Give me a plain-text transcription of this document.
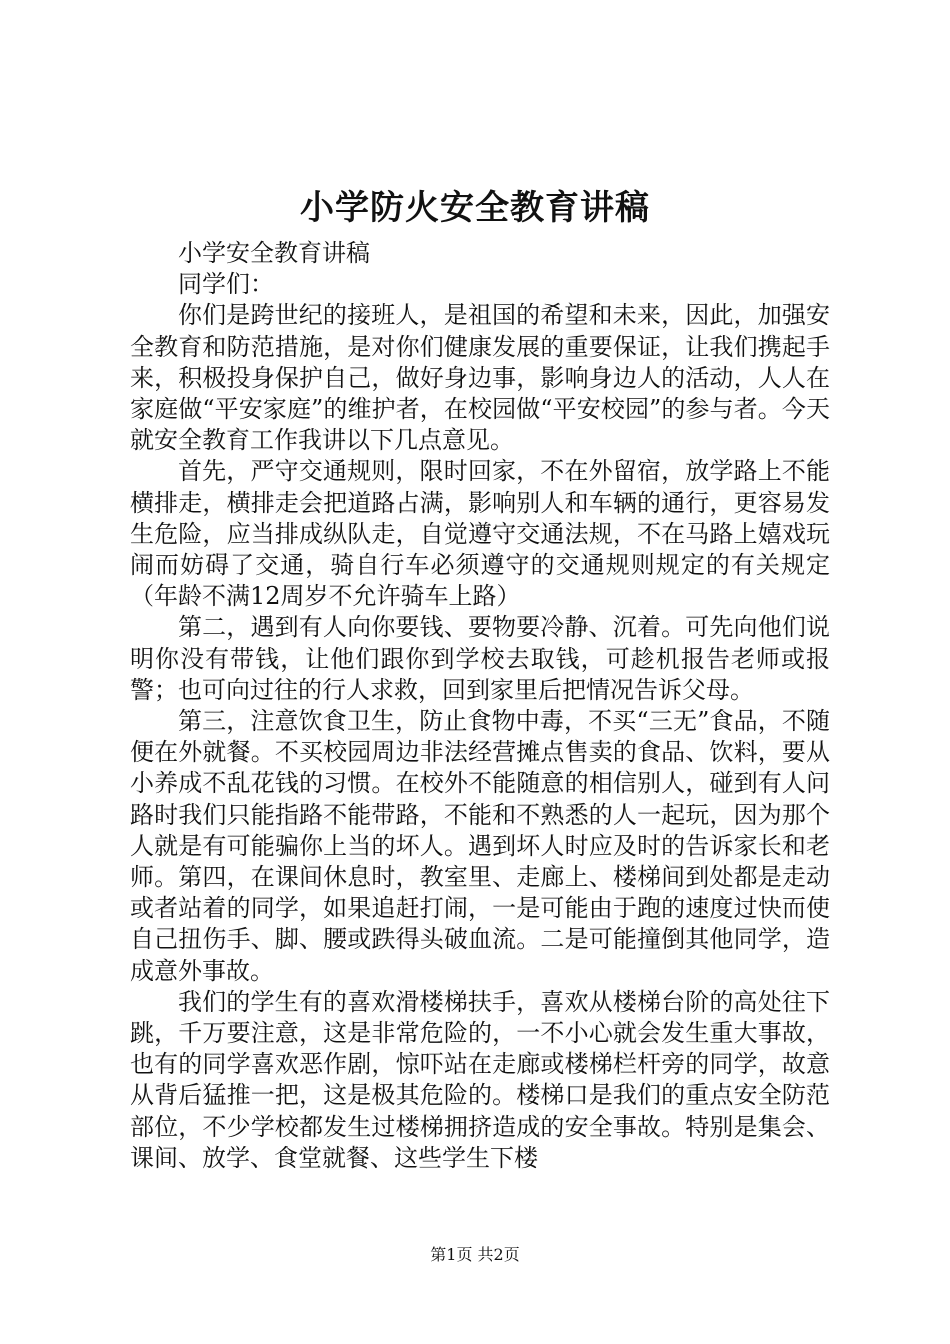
小学防火安全教育讲稿

小学安全教育讲稿

同学们：

你们是跨世纪的接班人，是祖国的希望和未来，因此，加强安全教育和防范措施，是对你们健康发展的重要保证，让我们携起手来，积极投身保护自己，做好身边事，影响身边人的活动，人人在家庭做“平安家庭”的维护者，在校园做“平安校园”的参与者。今天就安全教育工作我讲以下几点意见。

首先，严守交通规则，限时回家，不在外留宿，放学路上不能横排走，横排走会把道路占满，影响别人和车辆的通行，更容易发生危险，应当排成纵队走，自觉遵守交通法规，不在马路上嬉戏玩闹而妨碍了交通，骑自行车必须遵守的交通规则规定的有关规定（年龄不满12周岁不允许骑车上路）

第二，遇到有人向你要钱、要物要冷静、沉着。可先向他们说明你没有带钱，让他们跟你到学校去取钱，可趁机报告老师或报警；也可向过往的行人求救，回到家里后把情况告诉父母。

第三，注意饮食卫生，防止食物中毒，不买“三无”食品，不随便在外就餐。不买校园周边非法经营摊点售卖的食品、饮料，要从小养成不乱花钱的习惯。在校外不能随意的相信别人，碰到有人问路时我们只能指路不能带路，不能和不熟悉的人一起玩，因为那个人就是有可能骗你上当的坏人。遇到坏人时应及时的告诉家长和老师。第四，在课间休息时，教室里、走廊上、楼梯间到处都是走动或者站着的同学，如果追赶打闹，一是可能由于跑的速度过快而使自己扭伤手、脚、腰或跌得头破血流。二是可能撞倒其他同学，造成意外事故。

我们的学生有的喜欢滑楼梯扶手，喜欢从楼梯台阶的高处往下跳，千万要注意，这是非常危险的，一不小心就会发生重大事故，也有的同学喜欢恶作剧，惊吓站在走廊或楼梯栏杆旁的同学，故意从背后猛推一把，这是极其危险的。楼梯口是我们的重点安全防范部位，不少学校都发生过楼梯拥挤造成的安全事故。特别是集会、课间、放学、食堂就餐、这些学生下楼

第1页 共2页
